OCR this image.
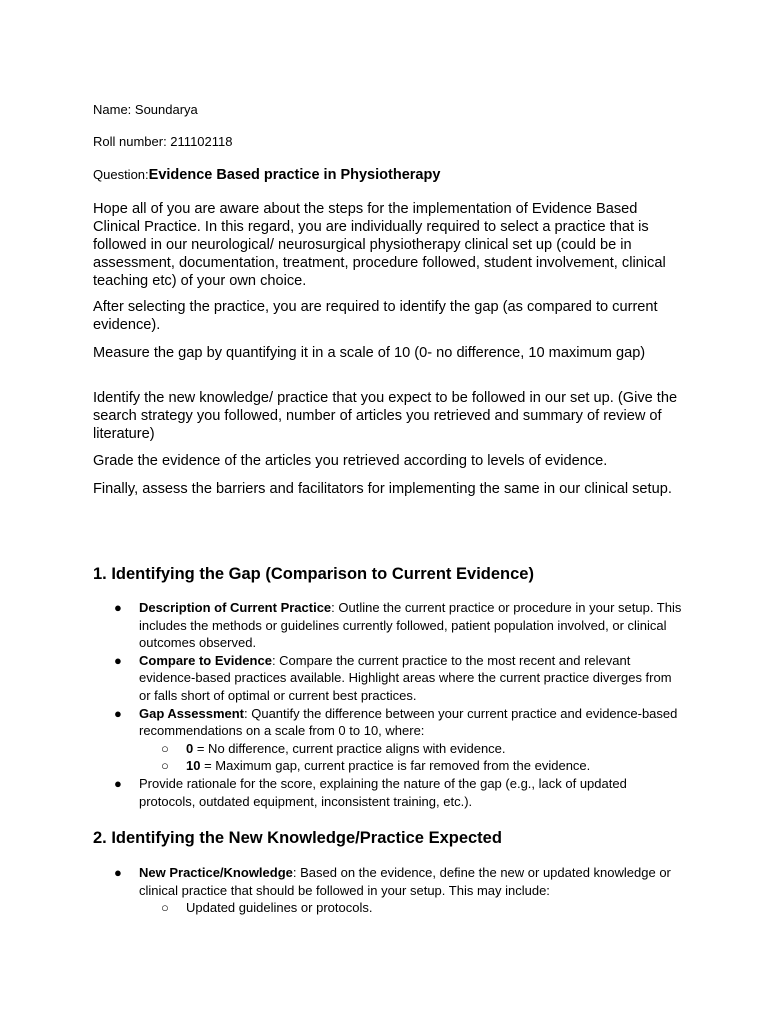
Name: Soundarya
Roll number: 211102118
Question:Evidence Based practice in Physiotherapy
Hope all of you are aware about the steps for the implementation of Evidence Based Clinical Practice. In this regard, you are individually required to select a practice that is followed in our neurological/ neurosurgical physiotherapy clinical set up (could be in assessment, documentation, treatment, procedure followed, student involvement, clinical teaching etc) of your own choice.
After selecting the practice, you are required to identify the gap (as compared to current evidence).
Measure the gap by quantifying it in a scale of 10 (0- no difference, 10 maximum gap)
Identify the new knowledge/ practice that you expect to be followed in our set up. (Give the search strategy you followed, number of articles you retrieved and summary of review of literature)
Grade the evidence of the articles you retrieved according to levels of evidence.
Finally, assess the barriers and facilitators for implementing the same in our clinical setup.
1. Identifying the Gap (Comparison to Current Evidence)
● Description of Current Practice: Outline the current practice or procedure in your setup. This includes the methods or guidelines currently followed, patient population involved, or clinical outcomes observed.
● Compare to Evidence: Compare the current practice to the most recent and relevant evidence-based practices available. Highlight areas where the current practice diverges from or falls short of optimal or current best practices.
● Gap Assessment: Quantify the difference between your current practice and evidence-based recommendations on a scale from 0 to 10, where:
○ 0 = No difference, current practice aligns with evidence.
○ 10 = Maximum gap, current practice is far removed from the evidence.
● Provide rationale for the score, explaining the nature of the gap (e.g., lack of updated protocols, outdated equipment, inconsistent training, etc.).
2. Identifying the New Knowledge/Practice Expected
● New Practice/Knowledge: Based on the evidence, define the new or updated knowledge or clinical practice that should be followed in your setup. This may include:
○ Updated guidelines or protocols.
